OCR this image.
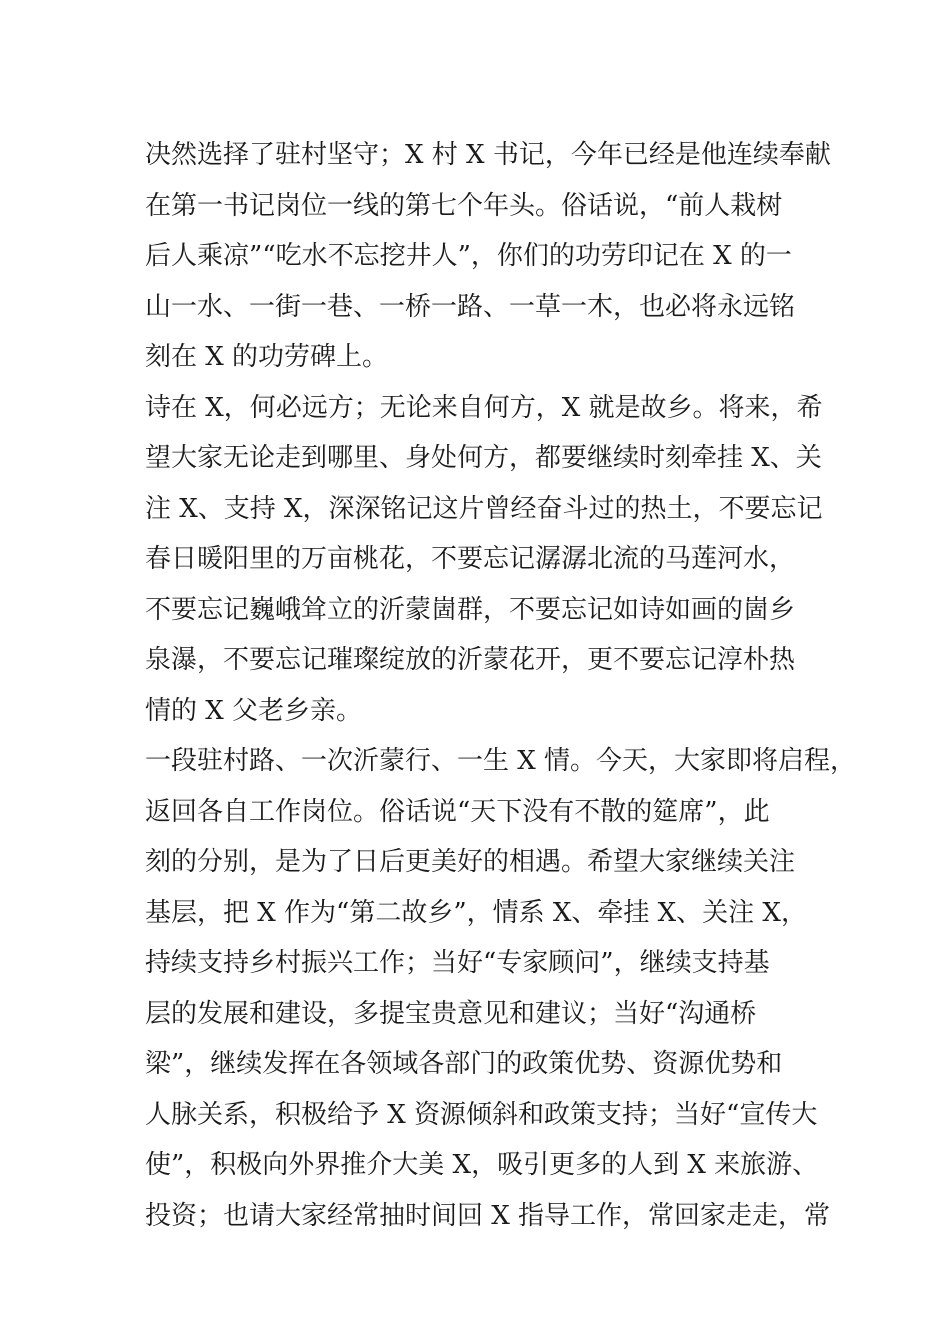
决然选择了驻村坚守；X 村 X 书记，今年已经是他连续奉献
在第一书记岗位一线的第七个年头。俗话说，“前人栽树
后人乘凉”“吃水不忘挖井人”，你们的功劳印记在 X 的一
山一水、一街一巷、一桥一路、一草一木，也必将永远铭
刻在 X 的功劳碑上。
诗在 X，何必远方；无论来自何方，X 就是故乡。将来，希
望大家无论走到哪里、身处何方，都要继续时刻牵挂 X、关
注 X、支持 X，深深铭记这片曾经奋斗过的热土，不要忘记
春日暖阳里的万亩桃花，不要忘记潺潺北流的马莲河水，
不要忘记巍峨耸立的沂蒙崮群，不要忘记如诗如画的崮乡
泉瀑，不要忘记璀璨绽放的沂蒙花开，更不要忘记淳朴热
情的 X 父老乡亲。
一段驻村路、一次沂蒙行、一生 X 情。今天，大家即将启程，
返回各自工作岗位。俗话说“天下没有不散的筵席”，此
刻的分别，是为了日后更美好的相遇。希望大家继续关注
基层，把 X 作为“第二故乡”，情系 X、牵挂 X、关注 X，
持续支持乡村振兴工作；当好“专家顾问”，继续支持基
层的发展和建设，多提宝贵意见和建议；当好“沟通桥
梁”，继续发挥在各领域各部门的政策优势、资源优势和
人脉关系，积极给予 X 资源倾斜和政策支持；当好“宣传大
使”，积极向外界推介大美 X，吸引更多的人到 X 来旅游、
投资；也请大家经常抽时间回 X 指导工作，常回家走走，常
